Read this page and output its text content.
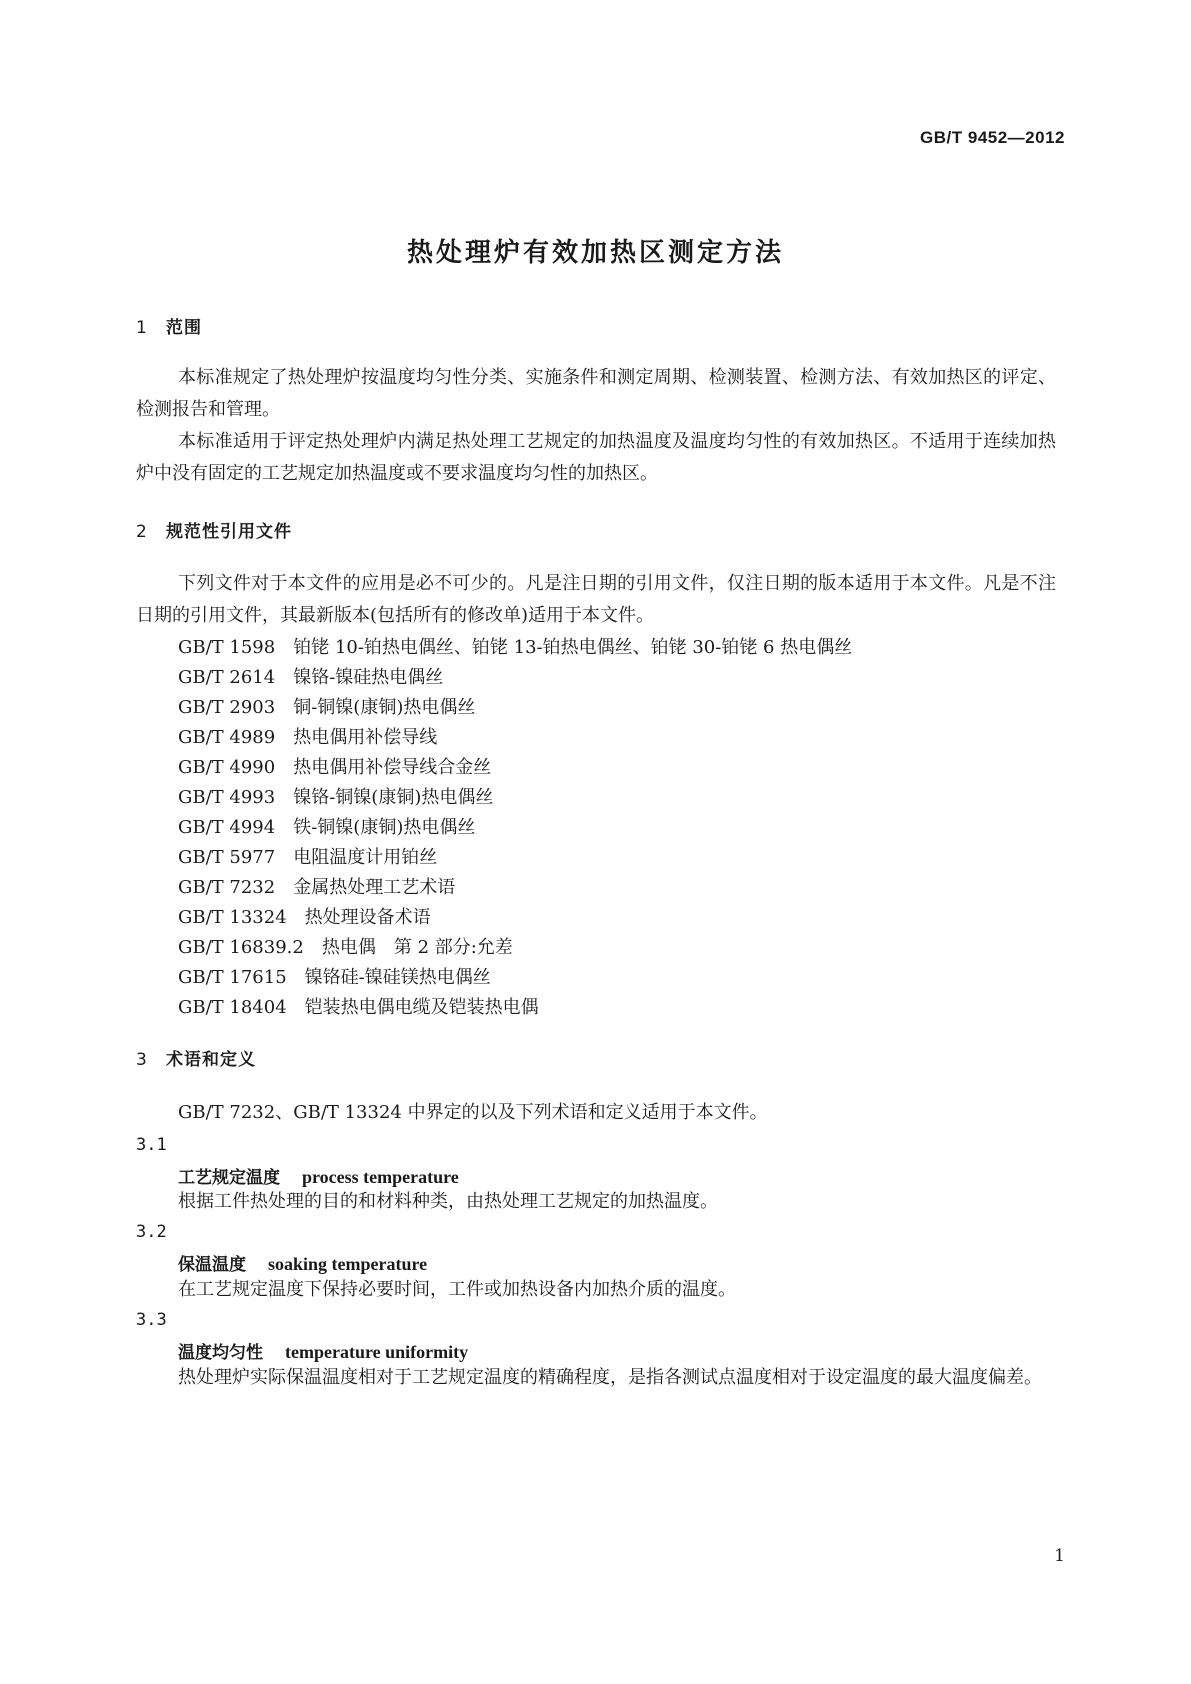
GB/T 9452—2012
热处理炉有效加热区测定方法
1 范围
本标准规定了热处理炉按温度均匀性分类、实施条件和测定周期、检测装置、检测方法、有效加热区的评定、检测报告和管理。
本标准适用于评定热处理炉内满足热处理工艺规定的加热温度及温度均匀性的有效加热区。不适用于连续加热炉中没有固定的工艺规定加热温度或不要求温度均匀性的加热区。
2 规范性引用文件
下列文件对于本文件的应用是必不可少的。凡是注日期的引用文件，仅注日期的版本适用于本文件。凡是不注日期的引用文件，其最新版本(包括所有的修改单)适用于本文件。
GB/T 1598　 铂铑 10-铂热电偶丝、铂铑 13-铂热电偶丝、铂铑 30-铂铑 6 热电偶丝
GB/T 2614　 镍铬-镍硅热电偶丝
GB/T 2903　 铜-铜镍(康铜)热电偶丝
GB/T 4989　 热电偶用补偿导线
GB/T 4990　 热电偶用补偿导线合金丝
GB/T 4993　 镍铬-铜镍(康铜)热电偶丝
GB/T 4994　 铁-铜镍(康铜)热电偶丝
GB/T 5977　 电阻温度计用铂丝
GB/T 7232　 金属热处理工艺术语
GB/T 13324　 热处理设备术语
GB/T 16839.2　 热电偶　第 2 部分:允差
GB/T 17615　 镍铬硅-镍硅镁热电偶丝
GB/T 18404　 铠装热电偶电缆及铠装热电偶
3 术语和定义
GB/T 7232、GB/T 13324 中界定的以及下列术语和定义适用于本文件。
3.1
工艺规定温度 process temperature
根据工件热处理的目的和材料种类，由热处理工艺规定的加热温度。
3.2
保温温度 soaking temperature
在工艺规定温度下保持必要时间，工件或加热设备内加热介质的温度。
3.3
温度均匀性 temperature uniformity
热处理炉实际保温温度相对于工艺规定温度的精确程度，是指各测试点温度相对于设定温度的最大温度偏差。
1
